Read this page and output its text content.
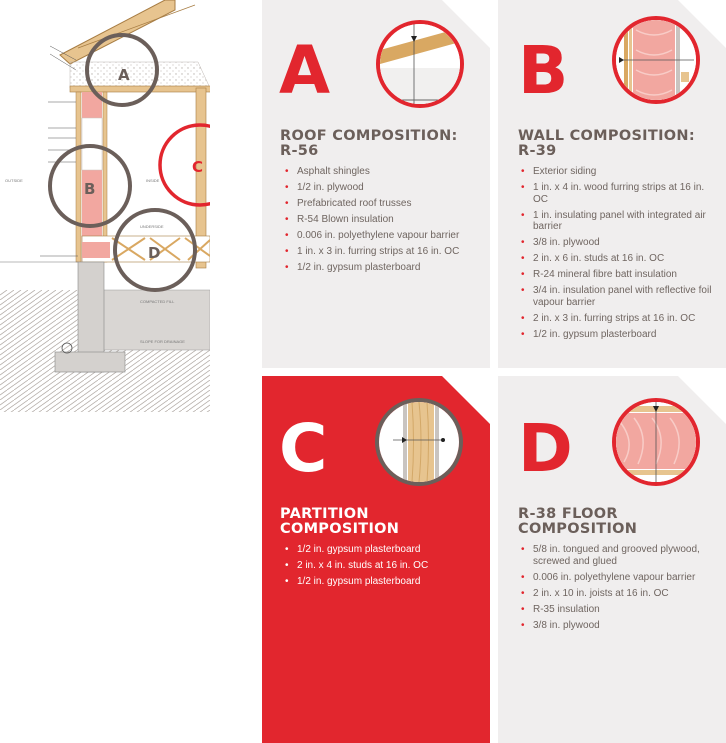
OUTSIDE	INSIDE
UNDERSIDE
COMPACTED FILL
SLOPE FOR DRAINAGE
A
B
C
D
A
ROOF COMPOSITION:
R-56
• Asphalt shingles
• 1/2 in. plywood
• Prefabricated roof trusses
• R-54 Blown insulation
• 0.006 in. polyethylene vapour barrier
• 1 in. x 3 in. furring strips at 16 in. OC
• 1/2 in. gypsum plasterboard
B
WALL COMPOSITION:
R-39
• Exterior siding
• 1 in. x 4 in. wood furring strips at 16 in. OC
• 1 in. insulating panel with integrated air barrier
• 3/8 in. plywood
• 2 in. x 6 in. studs at 16 in. OC
• R-24 mineral fibre batt insulation
• 3/4 in. insulation panel with reflective foil vapour barrier
• 2 in. x 3 in. furring strips at 16 in. OC
• 1/2 in. gypsum plasterboard
C
PARTITION
COMPOSITION
• 1/2 in. gypsum plasterboard
• 2 in. x 4 in. studs at 16 in. OC
• 1/2 in. gypsum plasterboard
D
R-38 FLOOR
COMPOSITION
• 5/8 in. tongued and grooved plywood, screwed and glued
• 0.006 in. polyethylene vapour barrier
• 2 in. x 10 in. joists at 16 in. OC
• R-35 insulation
• 3/8 in. plywood
